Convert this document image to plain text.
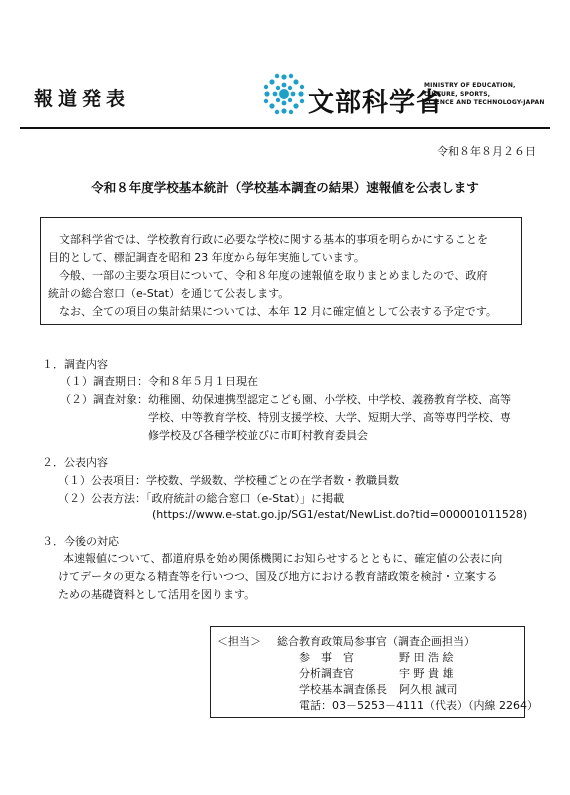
報道発表	文部科学省
MINISTRY OF EDUCATION,
CULTURE, SPORTS,
SCIENCE AND TECHNOLOGY-JAPAN
令和８年８月２６日
令和８年度学校基本統計（学校基本調査の結果）速報値を公表します

文部科学省では、学校教育行政に必要な学校に関する基本的事項を明らかにすることを

目的として、標記調査を昭和 23 年度から毎年実施しています。

今般、一部の主要な項目について、令和８年度の速報値を取りまとめましたので、政府

統計の総合窓口（e-Stat）を通じて公表します。

なお、全ての項目の集計結果については、本年 12 月に確定値として公表する予定です。

１．調査内容
（１）調査期日：令和８年５月１日現在
（２）調査対象：幼稚園、幼保連携型認定こども園、小学校、中学校、義務教育学校、高等
学校、中等教育学校、特別支援学校、大学、短期大学、高等専門学校、専
修学校及び各種学校並びに市町村教育委員会
２．公表内容
（１）公表項目：学校数、学級数、学校種ごとの在学者数・教職員数
（２）公表方法：「政府統計の総合窓口（e-Stat）」に掲載
(https://www.e-stat.go.jp/SG1/estat/NewList.do?tid=000001011528)
３．今後の対応
本速報値について、都道府県を始め関係機関にお知らせするとともに、確定値の公表に向
けてデータの更なる精査等を行いつつ、国及び地方における教育諸政策を検討・立案する
ための基礎資料として活用を図ります。
＜担当＞ 総合教育政策局参事官（調査企画担当）
参　事　官	野 田 浩 絵
分析調査官	宇 野 貴 雄
学校基本調査係長 阿久根 誠司
電話：03－5253－4111（代表）（内線 2264）
